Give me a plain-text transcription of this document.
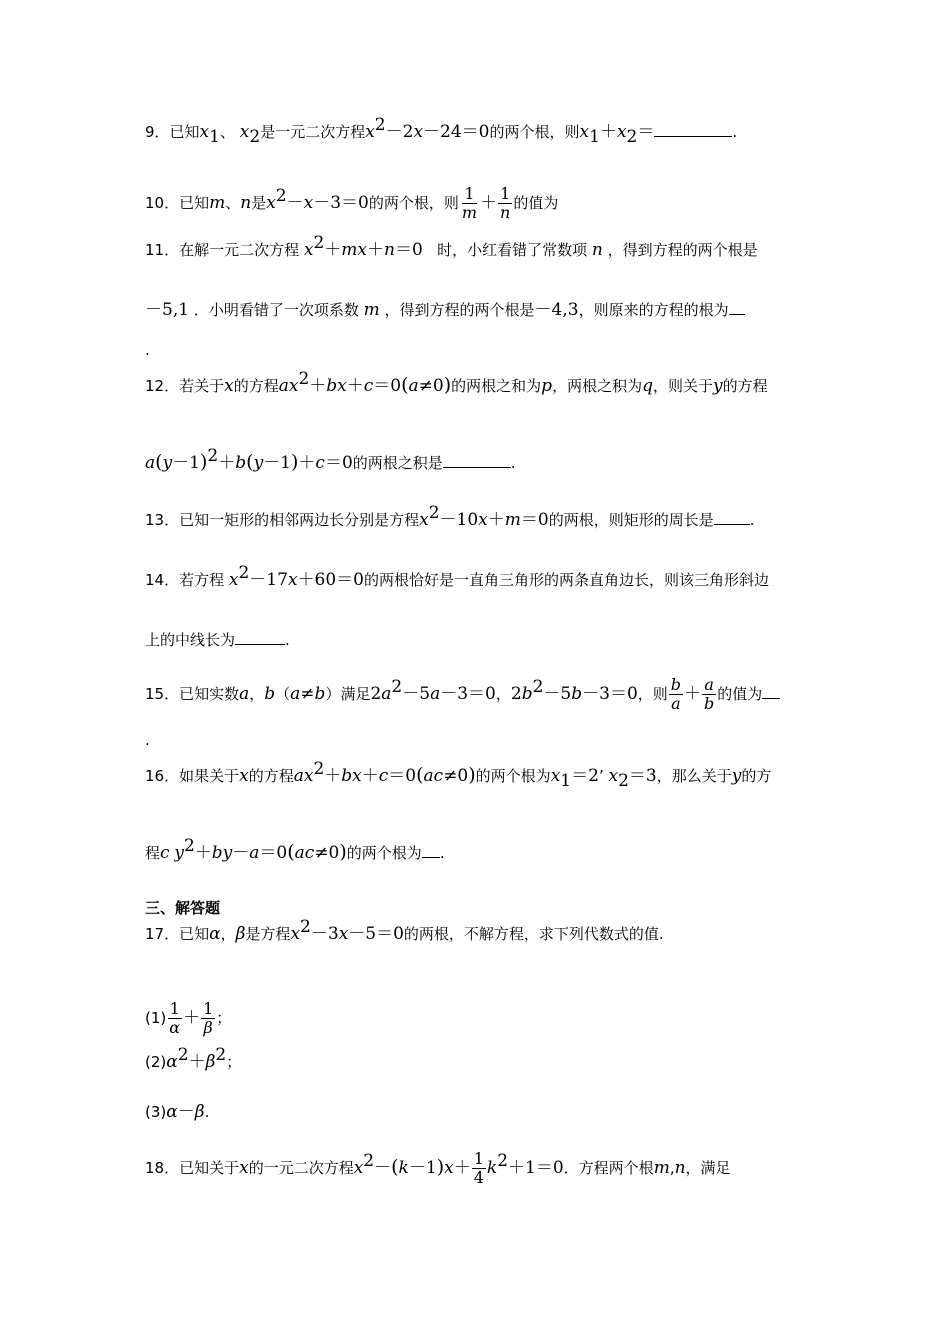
9．已知$x_1$、 $x_2$是一元二次方程$x^2-2x-24=0$的两个根，则$x_1+x_2=$	.
10．已知m、n是$x^2-x-3=0$的两个根，则 $\frac{1}{m} + \frac{1}{n}$ 的值为
11．在解一元二次方程 $x^2+mx+n=0$ 时，小红看错了常数项 n ，得到方程的两个根是
－5,1 ．小明看错了一次项系数 m ，得到方程的两个根是－4,3，则原来的方程的根为
.
12．若关于x的方程$ax^2+bx+c=0(a\ne 0)$的两根之和为p，两根之积为q，则关于y的方程
$a(y-1)^2+b(y-1)+c=0$的两根之积是	.
13．已知一矩形的相邻两边长分别是方程$x^2-10x+m=0$的两根，则矩形的周长是 .
14．若方程 $x^2-17x+60=0$的两根恰好是一直角三角形的两条直角边长，则该三角形斜边
上的中线长为	.
15．已知实数a，b（a≠b）满足$2a^2-5a-3=0$，$2b^2-5b-3=0$，则 $\frac{b}{a} + \frac{a}{b}$ 的值为
.
16．如果关于x的方程$ax^2+bx+c=0(ac\ne 0)$的两个根为$x_1=2$’ $x_2=3$，那么关于y的方
程c $y^2+by-a=0(ac\ne 0)$的两个根为 .
三、解答题
17．已知α，β是方程$x^2-3x-5=0$的两根，不解方程，求下列代数式的值.
$(1) \frac{1}{\alpha} + \frac{1}{\beta}$ ；
$(2)\alpha^2+\beta^2$；
(3)α－β.
18．已知关于x的一元二次方程$x^2-(k-1)x+ \frac{1}{4} k^2+1=0$．方程两个根m,n，满足
